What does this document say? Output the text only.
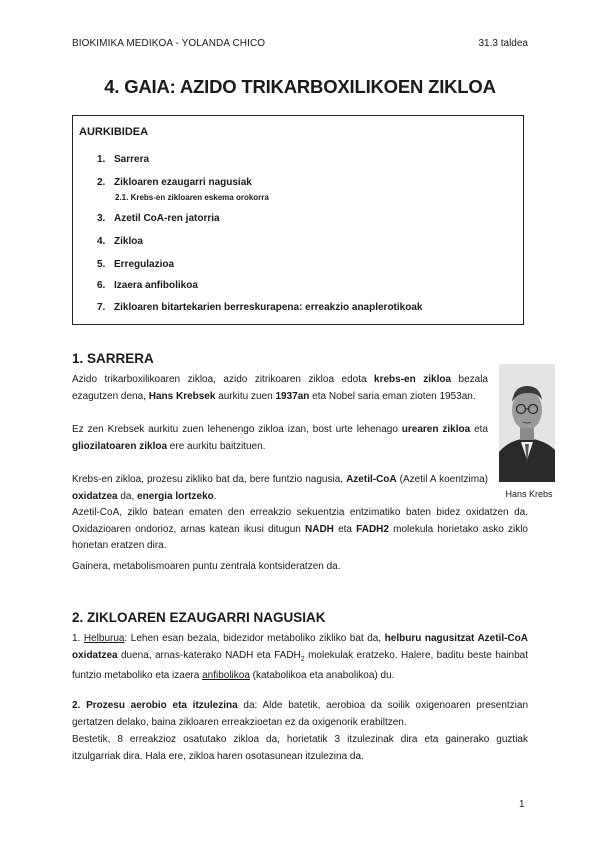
BIOKIMIKA MEDIKOA - YOLANDA CHICO	31.3 taldea
4. GAIA: AZIDO TRIKARBOXILIKOEN ZIKLOA
AURKIBIDEA
1. Sarrera
2. Zikloaren ezaugarri nagusiak
2.1. Krebs-en zikloaren eskema orokorra
3. Azetil CoA-ren jatorria
4. Zikloa
5. Erregulazioa
6. Izaera anfibolikoa
7. Zikloaren bitartekarien berreskurapena: erreakzio anaplerotikoak
1. SARRERA
Azido trikarboxilikoaren zikloa, azido zitrikoaren zikloa edota krebs-en zikloa bezala ezagutzen dena, Hans Krebsek aurkitu zuen 1937an eta Nobel saria eman zioten 1953an.
Ez zen Krebsek aurkitu zuen lehenengo zikloa izan, bost urte lehenago urearen zikloa eta gliozilatoaren zikloa ere aurkitu baitzituen.
Krebs-en zikloa, prozesu zikliko bat da, bere funtzio nagusia, Azetil-CoA (Azetil A koentzima) oxidatzea da, energia lortzeko.
Azetil-CoA, ziklo batean ematen den erreakzio sekuentzia entzimatiko baten bidez oxidatzen da. Oxidazioaren ondorioz, arnas katean ikusi ditugun NADH eta FADH2 molekula horietako asko ziklo honetan eratzen dira.
Gainera, metabolismoaren puntu zentrala kontsideratzen da.
Hans Krebs
2. ZIKLOAREN EZAUGARRI NAGUSIAK
1. Helburua: Lehen esan bezala, bidezidor metaboliko zikliko bat da, helburu nagusitzat Azetil-CoA oxidatzea duena, arnas-katerako NADH eta $FADH_2$ molekulak eratzeko. Halere, baditu beste hainbat funtzio metaboliko eta izaera anfibolikoa (katabolikoa eta anabolikoa) du.
2. Prozesu aerobio eta itzulezina da: Alde batetik, aerobioa da soilik oxigenoaren presentzian gertatzen delako, baina zikloaren erreakzioetan ez da oxigenorik erabiltzen.
Bestetik, 8 erreakzioz osatutako zikloa da, horietatik 3 itzulezinak dira eta gainerako guztiak itzulgarriak dira. Hala ere, zikloa haren osotasunean itzulezina da.
1
